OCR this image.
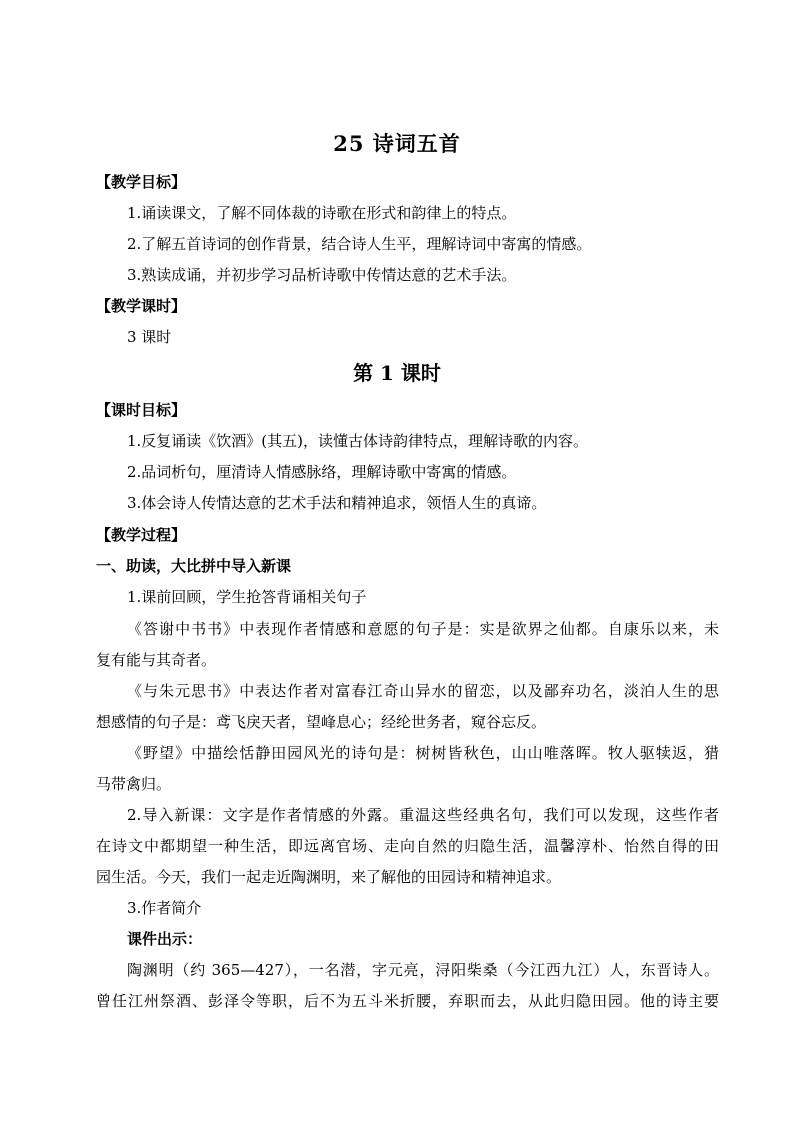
25 诗词五首

【教学目标】

1.诵读课文，了解不同体裁的诗歌在形式和韵律上的特点。

2.了解五首诗词的创作背景，结合诗人生平，理解诗词中寄寓的情感。

3.熟读成诵，并初步学习品析诗歌中传情达意的艺术手法。

【教学课时】

3 课时

第 1 课时

【课时目标】

1.反复诵读《饮酒》(其五)，读懂古体诗韵律特点，理解诗歌的内容。

2.品词析句，厘清诗人情感脉络，理解诗歌中寄寓的情感。

3.体会诗人传情达意的艺术手法和精神追求，领悟人生的真谛。

【教学过程】

一、助读，大比拼中导入新课

1.课前回顾，学生抢答背诵相关句子

《答谢中书书》中表现作者情感和意愿的句子是：实是欲界之仙都。自康乐以来，未

复有能与其奇者。

《与朱元思书》中表达作者对富春江奇山异水的留恋，以及鄙弃功名，淡泊人生的思

想感情的句子是：鸢飞戾天者，望峰息心；经纶世务者，窥谷忘反。

《野望》中描绘恬静田园风光的诗句是：树树皆秋色，山山唯落晖。牧人驱犊返，猎

马带禽归。

2.导入新课：文字是作者情感的外露。重温这些经典名句，我们可以发现，这些作者

在诗文中都期望一种生活，即远离官场、走向自然的归隐生活，温馨淳朴、怡然自得的田

园生活。今天，我们一起走近陶渊明，来了解他的田园诗和精神追求。

3.作者简介

课件出示：

陶渊明（约 365—427），一名潜，字元亮，浔阳柴桑（今江西九江）人，东晋诗人。

曾任江州祭酒、彭泽令等职，后不为五斗米折腰，弃职而去，从此归隐田园。他的诗主要
